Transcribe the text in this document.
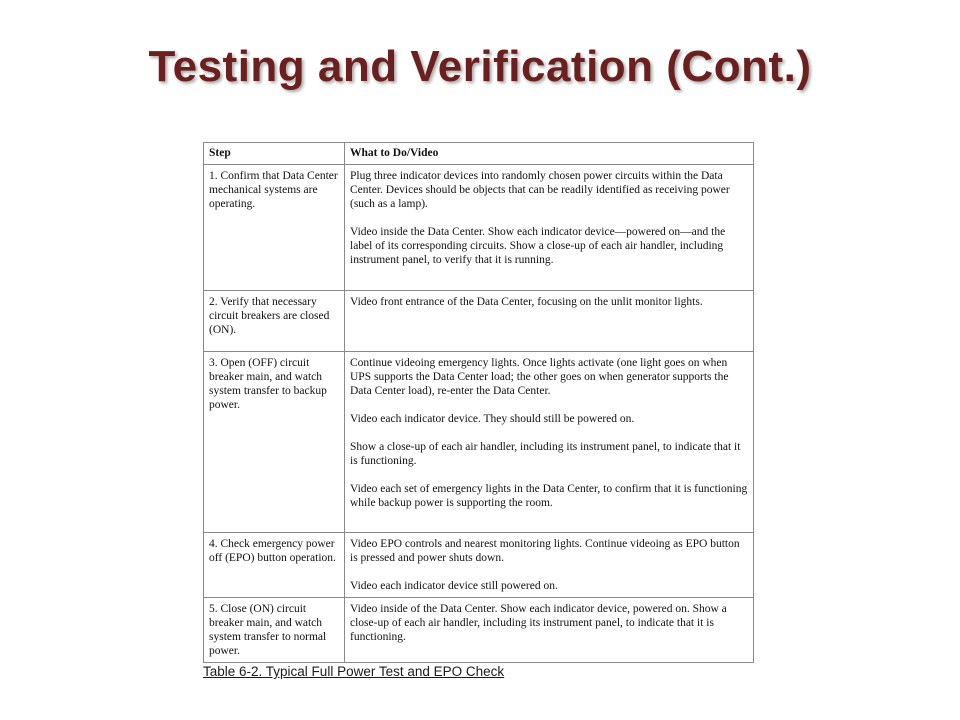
Testing and Verification (Cont.)
Step	What to Do/Video
1. Confirm that Data Center mechanical systems are operating.	Plug three indicator devices into randomly chosen power circuits within the Data Center. Devices should be objects that can be readily identified as receiving power (such as a lamp).

Video inside the Data Center. Show each indicator device—powered on—and the label of its corresponding circuits. Show a close-up of each air handler, including instrument panel, to verify that it is running.

2. Verify that necessary circuit breakers are closed (ON).	Video front entrance of the Data Center, focusing on the unlit monitor lights.

3. Open (OFF) circuit breaker main, and watch system transfer to backup power.	Continue videoing emergency lights. Once lights activate (one light goes on when UPS supports the Data Center load; the other goes on when generator supports the Data Center load), re-enter the Data Center.

Video each indicator device. They should still be powered on.

Show a close-up of each air handler, including its instrument panel, to indicate that it is functioning.

Video each set of emergency lights in the Data Center, to confirm that it is functioning while backup power is supporting the room.

4. Check emergency power off (EPO) button operation.	Video EPO controls and nearest monitoring lights. Continue videoing as EPO button is pressed and power shuts down.

Video each indicator device still powered on.

5. Close (ON) circuit breaker main, and watch system transfer to normal power.	Video inside of the Data Center. Show each indicator device, powered on. Show a close-up of each air handler, including its instrument panel, to indicate that it is functioning.

Table 6-2. Typical Full Power Test and EPO Check
